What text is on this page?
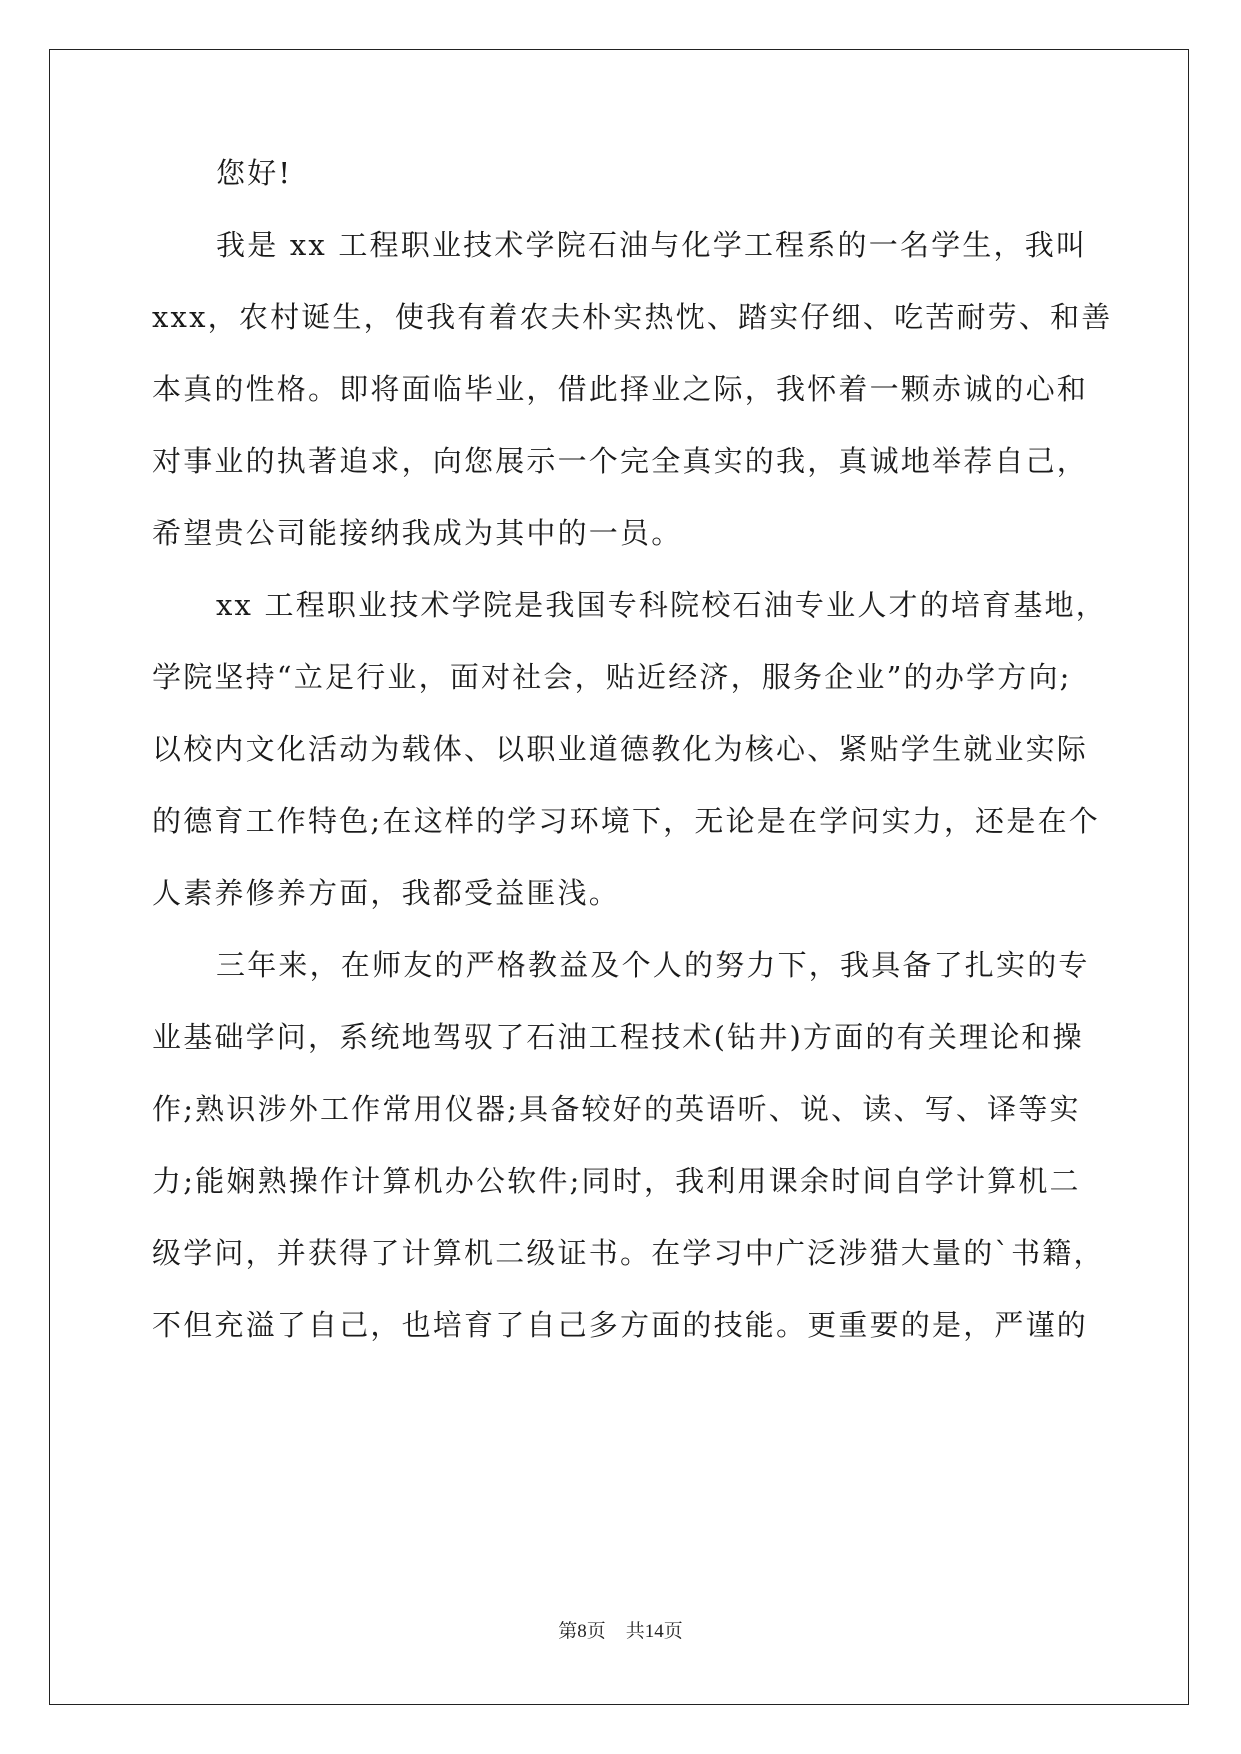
您好!
我是 xx 工程职业技术学院石油与化学工程系的一名学生，我叫
xxx，农村诞生，使我有着农夫朴实热忱、踏实仔细、吃苦耐劳、和善
本真的性格。即将面临毕业，借此择业之际，我怀着一颗赤诚的心和
对事业的执著追求，向您展示一个完全真实的我，真诚地举荐自己，
希望贵公司能接纳我成为其中的一员。
xx 工程职业技术学院是我国专科院校石油专业人才的培育基地，
学院坚持“立足行业，面对社会，贴近经济，服务企业”的办学方向;
以校内文化活动为载体、以职业道德教化为核心、紧贴学生就业实际
的德育工作特色;在这样的学习环境下，无论是在学问实力，还是在个
人素养修养方面，我都受益匪浅。
三年来，在师友的严格教益及个人的努力下，我具备了扎实的专
业基础学问，系统地驾驭了石油工程技术(钻井)方面的有关理论和操
作;熟识涉外工作常用仪器;具备较好的英语听、说、读、写、译等实
力;能娴熟操作计算机办公软件;同时，我利用课余时间自学计算机二
级学问，并获得了计算机二级证书。在学习中广泛涉猎大量的`书籍，
不但充溢了自己，也培育了自己多方面的技能。更重要的是，严谨的
第8页 共14页
